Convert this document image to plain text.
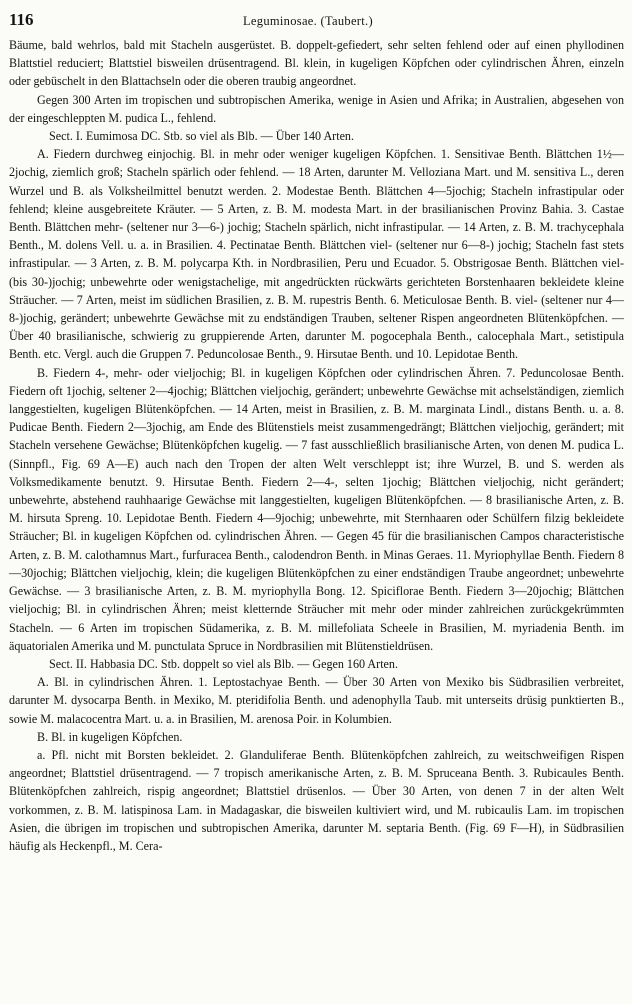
116	Leguminosae. (Taubert.)

Bäume, bald wehrlos, bald mit Stacheln ausgerüstet. B. doppelt-gefiedert, sehr selten fehlend oder auf einen phyllodinen Blattstiel reduciert; Blattstiel bisweilen drüsentragend. Bl. klein, in kugeligen Köpfchen oder cylindrischen Ähren, einzeln oder gebüschelt in den Blattachseln oder die oberen traubig angeordnet.

Gegen 300 Arten im tropischen und subtropischen Amerika, wenige in Asien und Afrika; in Australien, abgesehen von der eingeschleppten M. pudica L., fehlend.

Sect. I. Eumimosa DC. Stb. so viel als Blb. — Über 140 Arten.

A. Fiedern durchweg einjochig. Bl. in mehr oder weniger kugeligen Köpfchen. 1. Sensitivae Benth. Blättchen 1½—2jochig, ziemlich groß; Stacheln spärlich oder fehlend. — 18 Arten, darunter M. Velloziana Mart. und M. sensitiva L., deren Wurzel und B. als Volksheilmittel benutzt werden. 2. Modestae Benth. Blättchen 4—5jochig; Stacheln infrastipular oder fehlend; kleine ausgebreitete Kräuter. — 5 Arten, z. B. M. modesta Mart. in der brasilianischen Provinz Bahia. 3. Castae Benth. Blättchen mehr- (seltener nur 3—6-) jochig; Stacheln spärlich, nicht infrastipular. — 14 Arten, z. B. M. trachycephala Benth., M. dolens Vell. u. a. in Brasilien. 4. Pectinatae Benth. Blättchen viel- (seltener nur 6—8-) jochig; Stacheln fast stets infrastipular. — 3 Arten, z. B. M. polycarpa Kth. in Nordbrasilien, Peru und Ecuador. 5. Obstrigosae Benth. Blättchen viel- (bis 30-)jochig; unbewehrte oder wenigstachelige, mit angedrückten rückwärts gerichteten Borstenhaaren bekleidete kleine Sträucher. — 7 Arten, meist im südlichen Brasilien, z. B. M. rupestris Benth. 6. Meticulosae Benth. B. viel- (seltener nur 4—8-)jochig, gerändert; unbewehrte Gewächse mit zu endständigen Trauben, seltener Rispen angeordneten Blütenköpfchen. — Über 40 brasilianische, schwierig zu gruppierende Arten, darunter M. pogocephala Benth., calocephala Mart., setistipula Benth. etc. Vergl. auch die Gruppen 7. Peduncolosae Benth., 9. Hirsutae Benth. und 10. Lepidotae Benth.

B. Fiedern 4-, mehr- oder vieljochig; Bl. in kugeligen Köpfchen oder cylindrischen Ähren. 7. Peduncolosae Benth. Fiedern oft 1jochig, seltener 2—4jochig; Blättchen vieljochig, gerändert; unbewehrte Gewächse mit achselständigen, ziemlich langgestielten, kugeligen Blütenköpfchen. — 14 Arten, meist in Brasilien, z. B. M. marginata Lindl., distans Benth. u. a. 8. Pudicae Benth. Fiedern 2—3jochig, am Ende des Blütenstiels meist zusammengedrängt; Blättchen vieljochig, gerändert; mit Stacheln versehene Gewächse; Blütenköpfchen kugelig. — 7 fast ausschließlich brasilianische Arten, von denen M. pudica L. (Sinnpfl., Fig. 69 A—E) auch nach den Tropen der alten Welt verschleppt ist; ihre Wurzel, B. und S. werden als Volksmedikamente benutzt. 9. Hirsutae Benth. Fiedern 2—4-, selten 1jochig; Blättchen vieljochig, nicht gerändert; unbewehrte, abstehend rauhhaarige Gewächse mit langgestielten, kugeligen Blütenköpfchen. — 8 brasilianische Arten, z. B. M. hirsuta Spreng. 10. Lepidotae Benth. Fiedern 4—9jochig; unbewehrte, mit Sternhaaren oder Schülfern filzig bekleidete Sträucher; Bl. in kugeligen Köpfchen od. cylindrischen Ähren. — Gegen 45 für die brasilianischen Campos characteristische Arten, z. B. M. calothamnus Mart., furfuracea Benth., calodendron Benth. in Minas Geraes. 11. Myriophyllae Benth. Fiedern 8—30jochig; Blättchen vieljochig, klein; die kugeligen Blütenköpfchen zu einer endständigen Traube angeordnet; unbewehrte Gewächse. — 3 brasilianische Arten, z. B. M. myriophylla Bong. 12. Spiciflorae Benth. Fiedern 3—20jochig; Blättchen vieljochig; Bl. in cylindrischen Ähren; meist kletternde Sträucher mit mehr oder minder zahlreichen zurückgekrümmten Stacheln. — 6 Arten im tropischen Südamerika, z. B. M. millefoliata Scheele in Brasilien, M. myriadenia Benth. im äquatorialen Amerika und M. punctulata Spruce in Nordbrasilien mit Blütenstieldrüsen.

Sect. II. Habbasia DC. Stb. doppelt so viel als Blb. — Gegen 160 Arten.

A. Bl. in cylindrischen Ähren. 1. Leptostachyae Benth. — Über 30 Arten von Mexiko bis Südbrasilien verbreitet, darunter M. dysocarpa Benth. in Mexiko, M. pteridifolia Benth. und adenophylla Taub. mit unterseits drüsig punktierten B., sowie M. malacocentra Mart. u. a. in Brasilien, M. arenosa Poir. in Kolumbien.

B. Bl. in kugeligen Köpfchen.

a. Pfl. nicht mit Borsten bekleidet. 2. Glanduliferae Benth. Blütenköpfchen zahlreich, zu weitschweifigen Rispen angeordnet; Blattstiel drüsentragend. — 7 tropisch amerikanische Arten, z. B. M. Spruceana Benth. 3. Rubicaules Benth. Blütenköpfchen zahlreich, rispig angeordnet; Blattstiel drüsenlos. — Über 30 Arten, von denen 7 in der alten Welt vorkommen, z. B. M. latispinosa Lam. in Madagaskar, die bisweilen kultiviert wird, und M. rubicaulis Lam. im tropischen Asien, die übrigen im tropischen und subtropischen Amerika, darunter M. septaria Benth. (Fig. 69 F—H), in Südbrasilien häufig als Heckenpfl., M. Cera-
